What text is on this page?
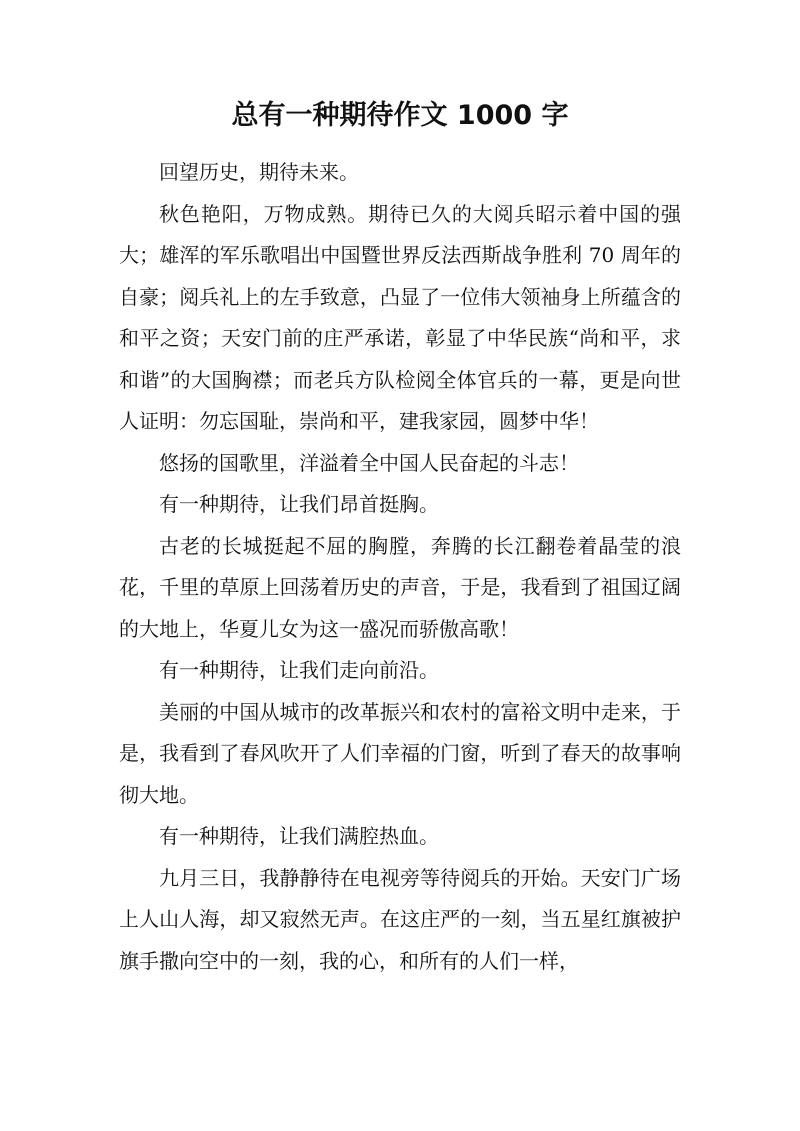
总有一种期待作文 1000 字

回望历史，期待未来。

秋色艳阳，万物成熟。期待已久的大阅兵昭示着中国的强大；雄浑的军乐歌唱出中国暨世界反法西斯战争胜利 70 周年的自豪；阅兵礼上的左手致意，凸显了一位伟大领袖身上所蕴含的和平之资；天安门前的庄严承诺，彰显了中华民族“尚和平，求和谐”的大国胸襟；而老兵方队检阅全体官兵的一幕，更是向世人证明：勿忘国耻，崇尚和平，建我家园，圆梦中华！

悠扬的国歌里，洋溢着全中国人民奋起的斗志！

有一种期待，让我们昂首挺胸。

古老的长城挺起不屈的胸膛，奔腾的长江翻卷着晶莹的浪花，千里的草原上回荡着历史的声音，于是，我看到了祖国辽阔的大地上，华夏儿女为这一盛况而骄傲高歌！

有一种期待，让我们走向前沿。

美丽的中国从城市的改革振兴和农村的富裕文明中走来，于是，我看到了春风吹开了人们幸福的门窗，听到了春天的故事响彻大地。

有一种期待，让我们满腔热血。

九月三日，我静静待在电视旁等待阅兵的开始。天安门广场上人山人海，却又寂然无声。在这庄严的一刻，当五星红旗被护旗手撒向空中的一刻，我的心，和所有的人们一样，
